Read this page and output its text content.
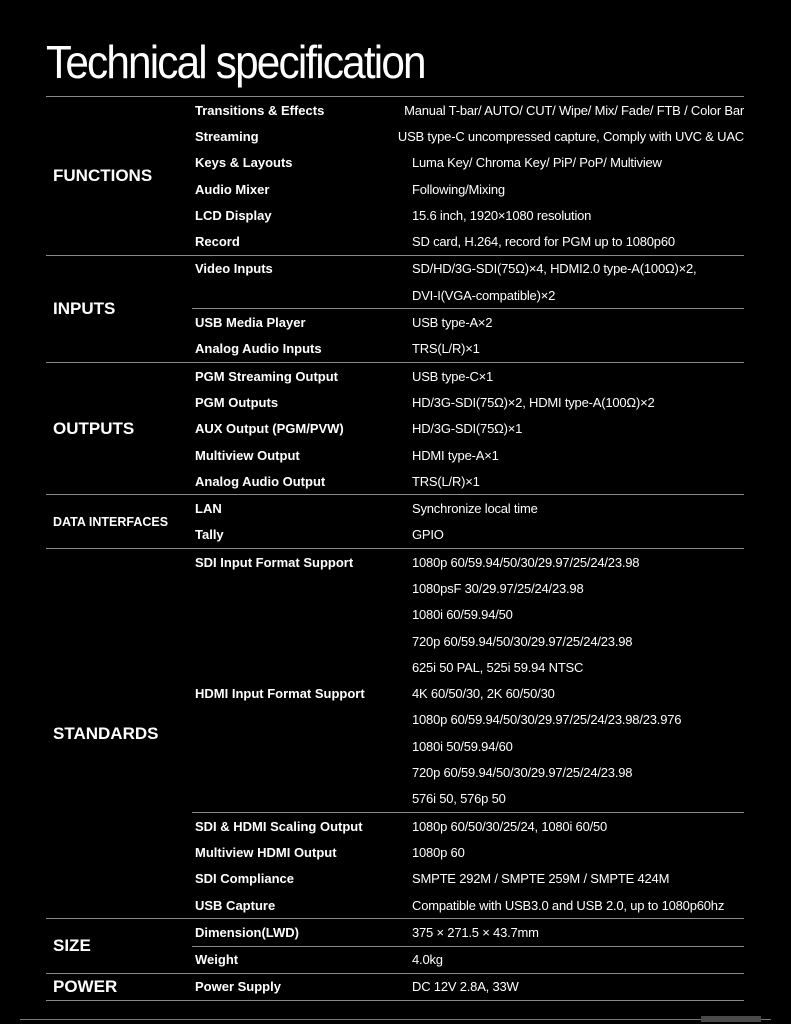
Technical specification
FUNCTIONS
Transitions & Effects	Manual T-bar/ AUTO/ CUT/ Wipe/ Mix/ Fade/ FTB / Color Bar
Streaming	USB type-C uncompressed capture, Comply with UVC & UAC
Keys & Layouts	Luma Key/ Chroma Key/ PiP/ PoP/ Multiview
Audio Mixer	Following/Mixing
LCD Display	15.6 inch, 1920×1080 resolution
Record	SD card, H.264, record for PGM up to 1080p60
INPUTS
Video Inputs	SD/HD/3G-SDI(75Ω)×4, HDMI2.0 type-A(100Ω)×2,
DVI-I(VGA-compatible)×2
USB Media Player	USB type-A×2
Analog Audio Inputs	TRS(L/R)×1
OUTPUTS
PGM Streaming Output	USB type-C×1
PGM Outputs	HD/3G-SDI(75Ω)×2, HDMI type-A(100Ω)×2
AUX Output (PGM/PVW)	HD/3G-SDI(75Ω)×1
Multiview Output	HDMI type-A×1
Analog Audio Output	TRS(L/R)×1
DATA INTERFACES
LAN	Synchronize local time
Tally	GPIO
STANDARDS
SDI Input Format Support	1080p 60/59.94/50/30/29.97/25/24/23.98
1080psF 30/29.97/25/24/23.98
1080i 60/59.94/50
720p 60/59.94/50/30/29.97/25/24/23.98
625i 50 PAL, 525i 59.94 NTSC
HDMI Input Format Support	4K 60/50/30, 2K 60/50/30
1080p 60/59.94/50/30/29.97/25/24/23.98/23.976
1080i 50/59.94/60
720p 60/59.94/50/30/29.97/25/24/23.98
576i 50, 576p 50
SDI & HDMI Scaling Output	1080p 60/50/30/25/24, 1080i 60/50
Multiview HDMI Output	1080p 60
SDI Compliance	SMPTE 292M / SMPTE 259M / SMPTE 424M
USB Capture	Compatible with USB3.0 and USB 2.0, up to 1080p60hz
SIZE
Dimension(LWD)	375 × 271.5 × 43.7mm
Weight	4.0kg
POWER	Power Supply	DC 12V 2.8A, 33W
